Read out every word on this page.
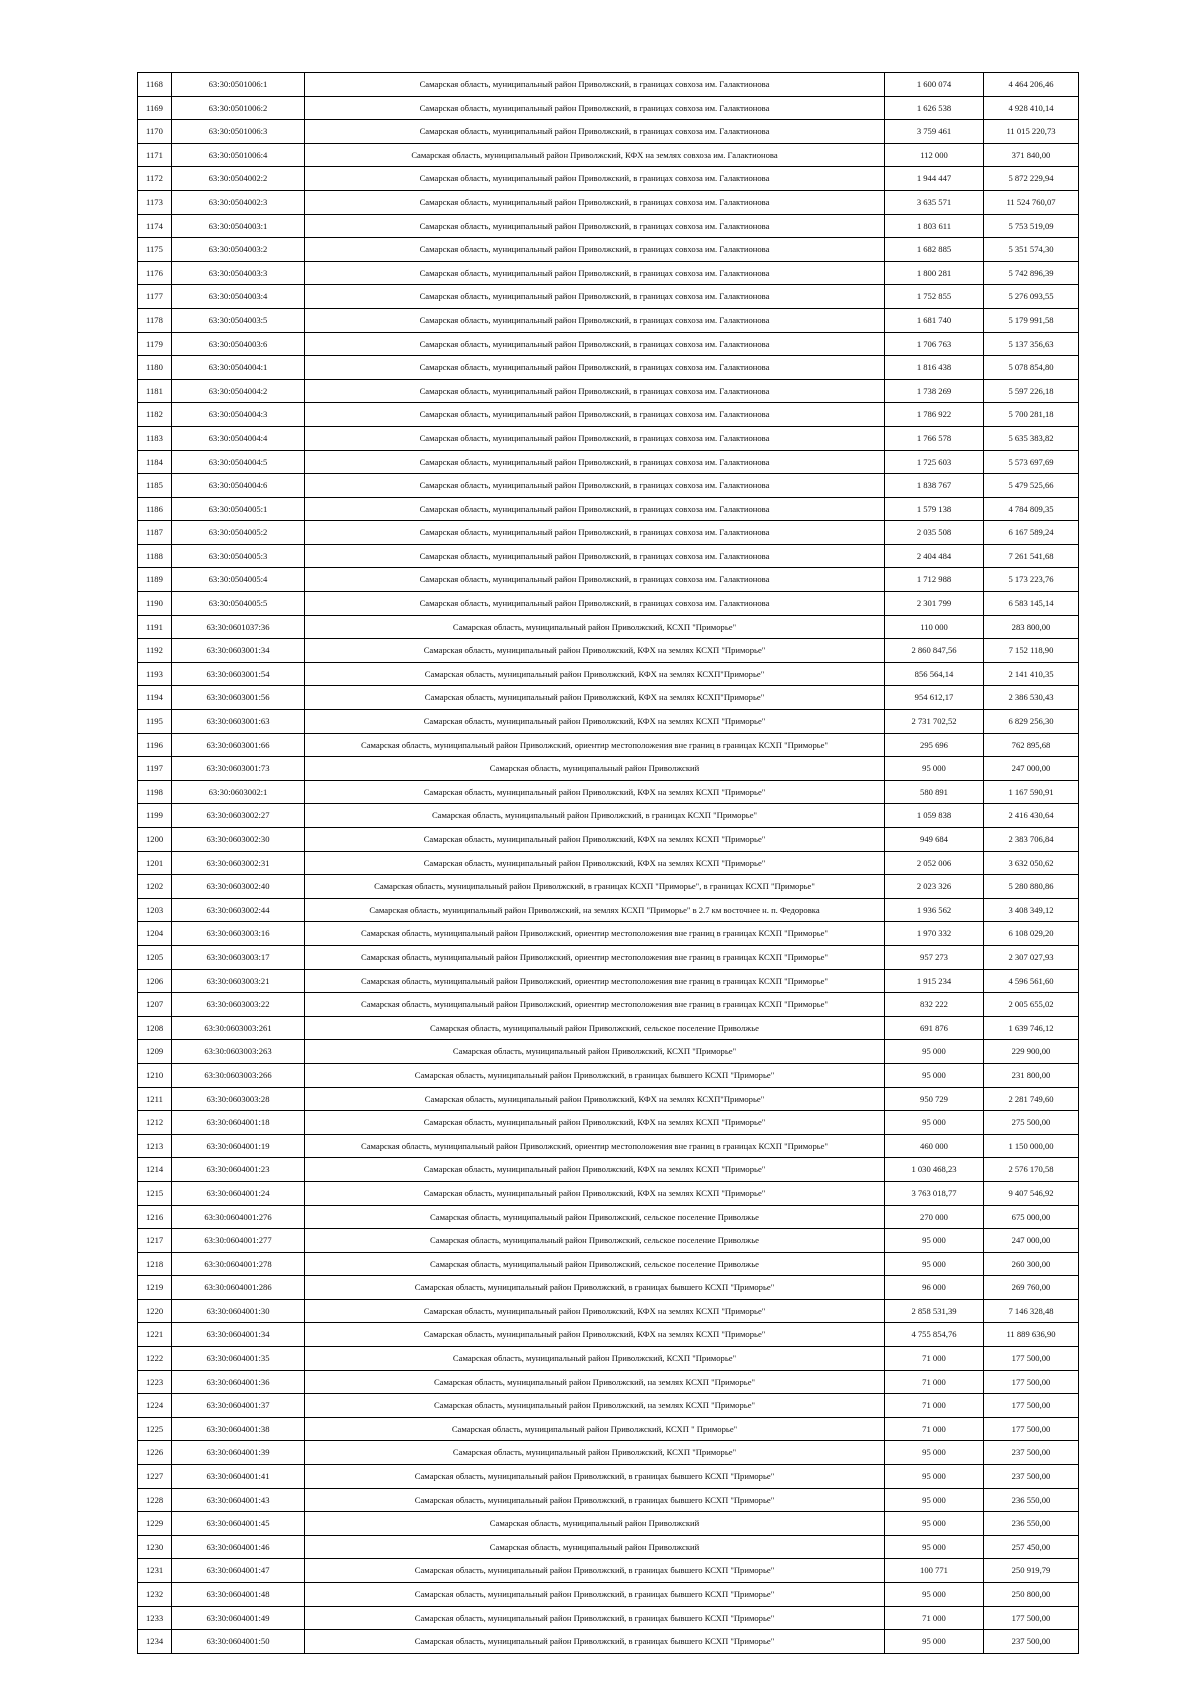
1168	63:30:0501006:1	Самарская область, муниципальный район Приволжский, в границах совхоза им. Галактионова	1 600 074	4 464 206,46
1169	63:30:0501006:2	Самарская область, муниципальный район Приволжский, в границах совхоза им. Галактионова	1 626 538	4 928 410,14
1170	63:30:0501006:3	Самарская область, муниципальный район Приволжский, в границах совхоза им. Галактионова	3 759 461	11 015 220,73
1171	63:30:0501006:4	Самарская область, муниципальный район Приволжский, КФХ на землях совхоза им. Галактионова	112 000	371 840,00
1172	63:30:0504002:2	Самарская область, муниципальный район Приволжский, в границах совхоза им. Галактионова	1 944 447	5 872 229,94
1173	63:30:0504002:3	Самарская область, муниципальный район Приволжский, в границах совхоза им. Галактионова	3 635 571	11 524 760,07
1174	63:30:0504003:1	Самарская область, муниципальный район Приволжский, в границах совхоза им. Галактионова	1 803 611	5 753 519,09
1175	63:30:0504003:2	Самарская область, муниципальный район Приволжский, в границах совхоза им. Галактионова	1 682 885	5 351 574,30
1176	63:30:0504003:3	Самарская область, муниципальный район Приволжский, в границах совхоза им. Галактионова	1 800 281	5 742 896,39
1177	63:30:0504003:4	Самарская область, муниципальный район Приволжский, в границах совхоза им. Галактионова	1 752 855	5 276 093,55
1178	63:30:0504003:5	Самарская область, муниципальный район Приволжский, в границах совхоза им. Галактионова	1 681 740	5 179 991,58
1179	63:30:0504003:6	Самарская область, муниципальный район Приволжский, в границах совхоза им. Галактионова	1 706 763	5 137 356,63
1180	63:30:0504004:1	Самарская область, муниципальный район Приволжский, в границах совхоза им. Галактионова	1 816 438	5 078 854,80
1181	63:30:0504004:2	Самарская область, муниципальный район Приволжский, в границах совхоза им. Галактионова	1 738 269	5 597 226,18
1182	63:30:0504004:3	Самарская область, муниципальный район Приволжский, в границах совхоза им. Галактионова	1 786 922	5 700 281,18
1183	63:30:0504004:4	Самарская область, муниципальный район Приволжский, в границах совхоза им. Галактионова	1 766 578	5 635 383,82
1184	63:30:0504004:5	Самарская область, муниципальный район Приволжский, в границах совхоза им. Галактионова	1 725 603	5 573 697,69
1185	63:30:0504004:6	Самарская область, муниципальный район Приволжский, в границах совхоза им. Галактионова	1 838 767	5 479 525,66
1186	63:30:0504005:1	Самарская область, муниципальный район Приволжский, в границах совхоза им. Галактионова	1 579 138	4 784 809,35
1187	63:30:0504005:2	Самарская область, муниципальный район Приволжский, в границах совхоза им. Галактионова	2 035 508	6 167 589,24
1188	63:30:0504005:3	Самарская область, муниципальный район Приволжский, в границах совхоза им. Галактионова	2 404 484	7 261 541,68
1189	63:30:0504005:4	Самарская область, муниципальный район Приволжский, в границах совхоза им. Галактионова	1 712 988	5 173 223,76
1190	63:30:0504005:5	Самарская область, муниципальный район Приволжский, в границах совхоза им. Галактионова	2 301 799	6 583 145,14
1191	63:30:0601037:36	Самарская область, муниципальный район Приволжский, КСХП "Приморье"	110 000	283 800,00
1192	63:30:0603001:34	Самарская область, муниципальный район Приволжский, КФХ на землях КСХП "Приморье"	2 860 847,56	7 152 118,90
1193	63:30:0603001:54	Самарская область, муниципальный район Приволжский, КФХ на землях КСХП"Приморье"	856 564,14	2 141 410,35
1194	63:30:0603001:56	Самарская область, муниципальный район Приволжский, КФХ на землях КСХП"Приморье"	954 612,17	2 386 530,43
1195	63:30:0603001:63	Самарская область, муниципальный район Приволжский, КФХ на землях КСХП "Приморье"	2 731 702,52	6 829 256,30
1196	63:30:0603001:66	Самарская область, муниципальный район Приволжский, ориентир местоположения вне границ в границах КСХП "Приморье"	295 696	762 895,68
1197	63:30:0603001:73	Самарская область, муниципальный район Приволжский	95 000	247 000,00
1198	63:30:0603002:1	Самарская область, муниципальный район Приволжский, КФХ на землях КСХП "Приморье"	580 891	1 167 590,91
1199	63:30:0603002:27	Самарская область, муниципальный район Приволжский, в границах КСХП "Приморье"	1 059 838	2 416 430,64
1200	63:30:0603002:30	Самарская область, муниципальный район Приволжский, КФХ на землях КСХП "Приморье"	949 684	2 383 706,84
1201	63:30:0603002:31	Самарская область, муниципальный район Приволжский, КФХ на землях КСХП "Приморье"	2 052 006	3 632 050,62
1202	63:30:0603002:40	Самарская область, муниципальный район Приволжский, в границах КСХП "Приморье", в границах КСХП "Приморье"	2 023 326	5 280 880,86
1203	63:30:0603002:44	Самарская область, муниципальный район Приволжский, на землях КСХП "Приморье" в 2.7 км восточнее н. п. Федоровка	1 936 562	3 408 349,12
1204	63:30:0603003:16	Самарская область, муниципальный район Приволжский, ориентир местоположения вне границ в границах КСХП "Приморье"	1 970 332	6 108 029,20
1205	63:30:0603003:17	Самарская область, муниципальный район Приволжский, ориентир местоположения вне границ в границах КСХП "Приморье"	957 273	2 307 027,93
1206	63:30:0603003:21	Самарская область, муниципальный район Приволжский, ориентир местоположения вне границ в границах КСХП "Приморье"	1 915 234	4 596 561,60
1207	63:30:0603003:22	Самарская область, муниципальный район Приволжский, ориентир местоположения вне границ в границах КСХП "Приморье"	832 222	2 005 655,02
1208	63:30:0603003:261	Самарская область, муниципальный район Приволжский, сельское поселение Приволжье	691 876	1 639 746,12
1209	63:30:0603003:263	Самарская область, муниципальный район Приволжский, КСХП "Приморье"	95 000	229 900,00
1210	63:30:0603003:266	Самарская область, муниципальный район Приволжский, в границах бывшего КСХП "Приморье"	95 000	231 800,00
1211	63:30:0603003:28	Самарская область, муниципальный район Приволжский, КФХ на землях КСХП"Приморье"	950 729	2 281 749,60
1212	63:30:0604001:18	Самарская область, муниципальный район Приволжский, КФХ на землях КСХП "Приморье"	95 000	275 500,00
1213	63:30:0604001:19	Самарская область, муниципальный район Приволжский, ориентир местоположения вне границ в границах КСХП "Приморье"	460 000	1 150 000,00
1214	63:30:0604001:23	Самарская область, муниципальный район Приволжский, КФХ на землях КСХП "Приморье"	1 030 468,23	2 576 170,58
1215	63:30:0604001:24	Самарская область, муниципальный район Приволжский, КФХ на землях КСХП "Приморье"	3 763 018,77	9 407 546,92
1216	63:30:0604001:276	Самарская область, муниципальный район Приволжский, сельское поселение Приволжье	270 000	675 000,00
1217	63:30:0604001:277	Самарская область, муниципальный район Приволжский, сельское поселение Приволжье	95 000	247 000,00
1218	63:30:0604001:278	Самарская область, муниципальный район Приволжский, сельское поселение Приволжье	95 000	260 300,00
1219	63:30:0604001:286	Самарская область, муниципальный район Приволжский, в границах бывшего КСХП "Приморье"	96 000	269 760,00
1220	63:30:0604001:30	Самарская область, муниципальный район Приволжский, КФХ на землях КСХП "Приморье"	2 858 531,39	7 146 328,48
1221	63:30:0604001:34	Самарская область, муниципальный район Приволжский, КФХ на землях КСХП "Приморье"	4 755 854,76	11 889 636,90
1222	63:30:0604001:35	Самарская область, муниципальный район Приволжский, КСХП "Приморье"	71 000	177 500,00
1223	63:30:0604001:36	Самарская область, муниципальный район Приволжский, на землях КСХП "Приморье"	71 000	177 500,00
1224	63:30:0604001:37	Самарская область, муниципальный район Приволжский, на землях КСХП "Приморье"	71 000	177 500,00
1225	63:30:0604001:38	Самарская область, муниципальный район Приволжский, КСХП " Приморье"	71 000	177 500,00
1226	63:30:0604001:39	Самарская область, муниципальный район Приволжский, КСХП "Приморье"	95 000	237 500,00
1227	63:30:0604001:41	Самарская область, муниципальный район Приволжский, в границах бывшего КСХП "Приморье"	95 000	237 500,00
1228	63:30:0604001:43	Самарская область, муниципальный район Приволжский, в границах бывшего КСХП "Приморье"	95 000	236 550,00
1229	63:30:0604001:45	Самарская область, муниципальный район Приволжский	95 000	236 550,00
1230	63:30:0604001:46	Самарская область, муниципальный район Приволжский	95 000	257 450,00
1231	63:30:0604001:47	Самарская область, муниципальный район Приволжский, в границах бывшего КСХП "Приморье"	100 771	250 919,79
1232	63:30:0604001:48	Самарская область, муниципальный район Приволжский, в границах бывшего КСХП "Приморье"	95 000	250 800,00
1233	63:30:0604001:49	Самарская область, муниципальный район Приволжский, в границах бывшего КСХП "Приморье"	71 000	177 500,00
1234	63:30:0604001:50	Самарская область, муниципальный район Приволжский, в границах бывшего КСХП "Приморье"	95 000	237 500,00
